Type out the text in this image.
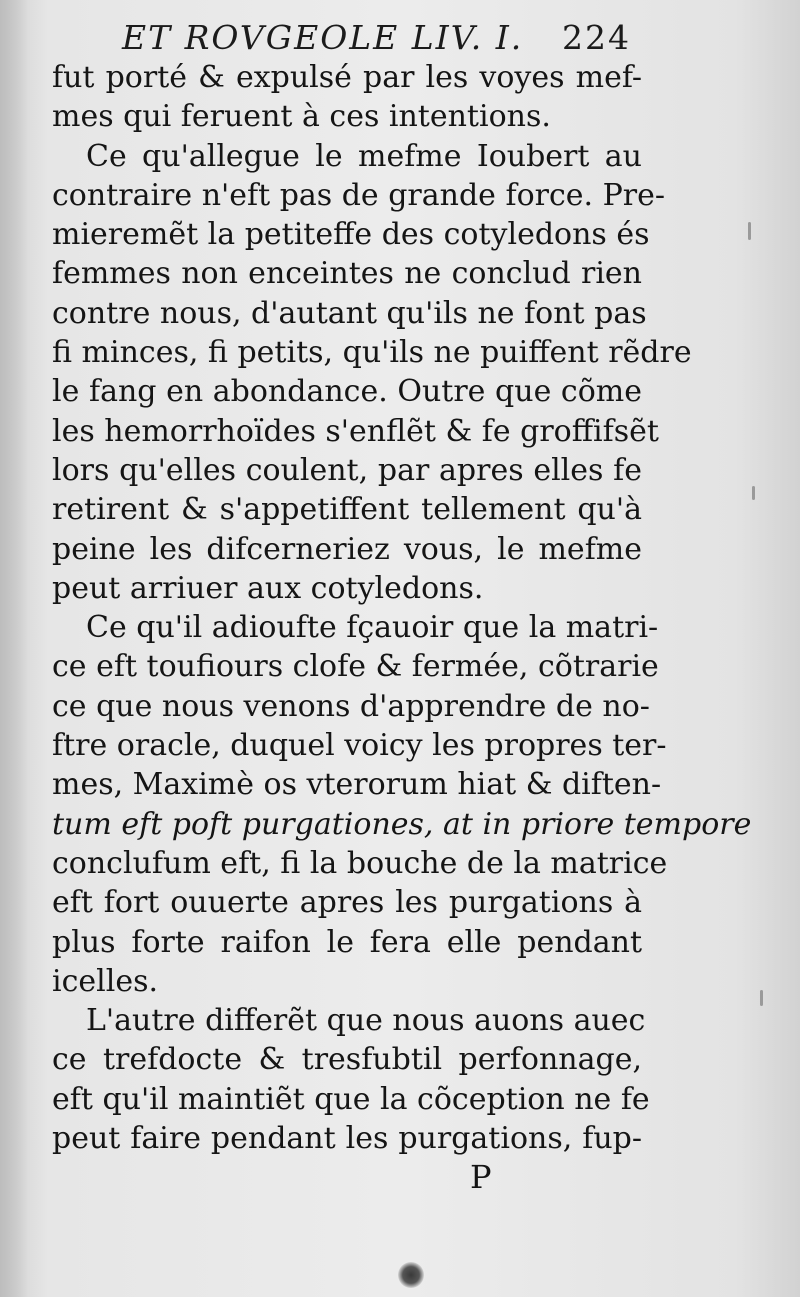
ET ROVGEOLE LIV. I. 224
fut porté & expulsé par les voyes mef-
mes qui feruent à ces intentions.
Ce qu'allegue le mefme Ioubert au
contraire n'eft pas de grande force. Pre-
mieremẽt la petiteffe des cotyledons és
femmes non enceintes ne conclud rien
contre nous, d'autant qu'ils ne font pas
fi minces, fi petits, qu'ils ne puiffent rẽdre
le fang en abondance. Outre que cõme
les hemorrhoïdes s'enflẽt & fe groffifsẽt
lors qu'elles coulent, par apres elles fe
retirent & s'appetiffent tellement qu'à
peine les difcerneriez vous, le mefme
peut arriuer aux cotyledons.
Ce qu'il adioufte fçauoir que la matri-
ce eft toufiours clofe & fermée, cõtrarie
ce que nous venons d'apprendre de no-
ftre oracle, duquel voicy les propres ter-
mes, Maximè os vterorum hiat & diften-
tum eft poft purgationes, at in priore tempore
conclufum eft, fi la bouche de la matrice
eft fort ouuerte apres les purgations à
plus forte raifon le fera elle pendant
icelles.
L'autre differẽt que nous auons auec
ce trefdocte & tresfubtil perfonnage,
eft qu'il maintiẽt que la cõception ne fe
peut faire pendant les purgations, fup-
P
